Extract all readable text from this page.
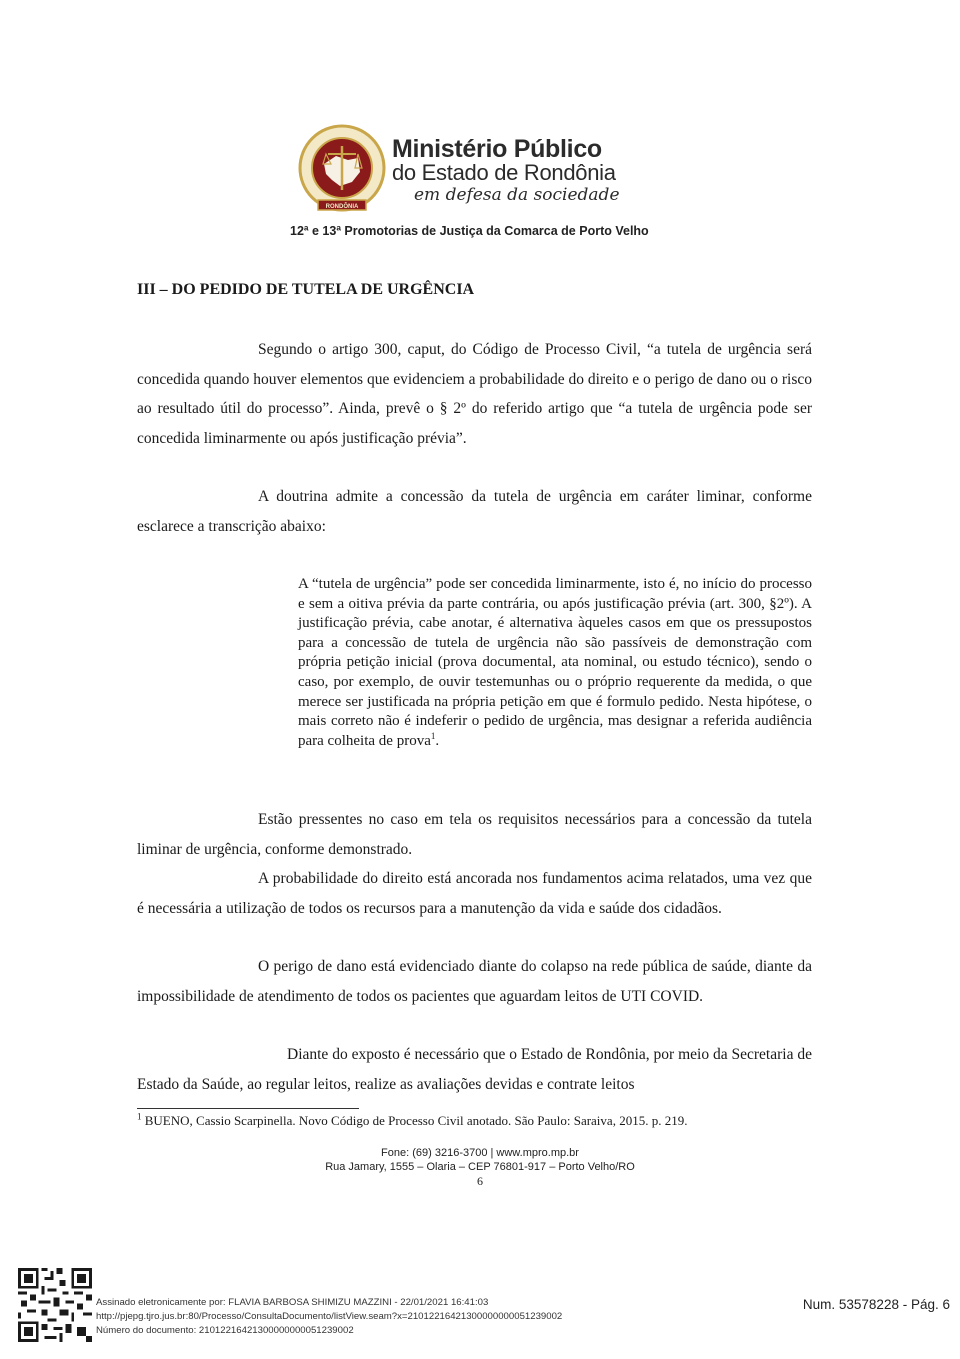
RONDÔNIA
Ministério Público
do Estado de Rondônia
em defesa da sociedade
12ª e 13ª Promotorias de Justiça da Comarca de Porto Velho
III – DO PEDIDO DE TUTELA DE URGÊNCIA
Segundo o artigo 300, caput, do Código de Processo Civil, “a tutela de urgência será concedida quando houver elementos que evidenciem a probabilidade do direito e o perigo de dano ou o risco ao resultado útil do processo”. Ainda, prevê o § 2º do referido artigo que “a tutela de urgência pode ser concedida liminarmente ou após justificação prévia”.
A doutrina admite a concessão da tutela de urgência em caráter liminar, conforme esclarece a transcrição abaixo:
A “tutela de urgência” pode ser concedida liminarmente, isto é, no início do processo e sem a oitiva prévia da parte contrária, ou após justificação prévia (art. 300, §2º). A justificação prévia, cabe anotar, é alternativa àqueles casos em que os pressupostos para a concessão de tutela de urgência não são passíveis de demonstração com própria petição inicial (prova documental, ata nominal, ou estudo técnico), sendo o caso, por exemplo, de ouvir testemunhas ou o próprio requerente da medida, o que merece ser justificada na própria petição em que é formulo pedido. Nesta hipótese, o mais correto não é indeferir o pedido de urgência, mas designar a referida audiência para colheita de prova$^1$.
Estão pressentes no caso em tela os requisitos necessários para a concessão da tutela liminar de urgência, conforme demonstrado.
A probabilidade do direito está ancorada nos fundamentos acima relatados, uma vez que é necessária a utilização de todos os recursos para a manutenção da vida e saúde dos cidadãos.
O perigo de dano está evidenciado diante do colapso na rede pública de saúde, diante da impossibilidade de atendimento de todos os pacientes que aguardam leitos de UTI COVID.
Diante do exposto é necessário que o Estado de Rondônia, por meio da Secretaria de Estado da Saúde, ao regular leitos, realize as avaliações devidas e contrate leitos
$^1$ BUENO, Cassio Scarpinella. Novo Código de Processo Civil anotado. São Paulo: Saraiva, 2015. p. 219.
Fone: (69) 3216-3700 | www.mpro.mp.br
Rua Jamary, 1555 – Olaria – CEP 76801-917 – Porto Velho/RO
6
Assinado eletronicamente por: FLAVIA BARBOSA SHIMIZU MAZZINI - 22/01/2021 16:41:03
http://pjepg.tjro.jus.br:80/Processo/ConsultaDocumento/listView.seam?x=21012216421300000000051239002
Número do documento: 21012216421300000000051239002
Num. 53578228 - Pág. 6
